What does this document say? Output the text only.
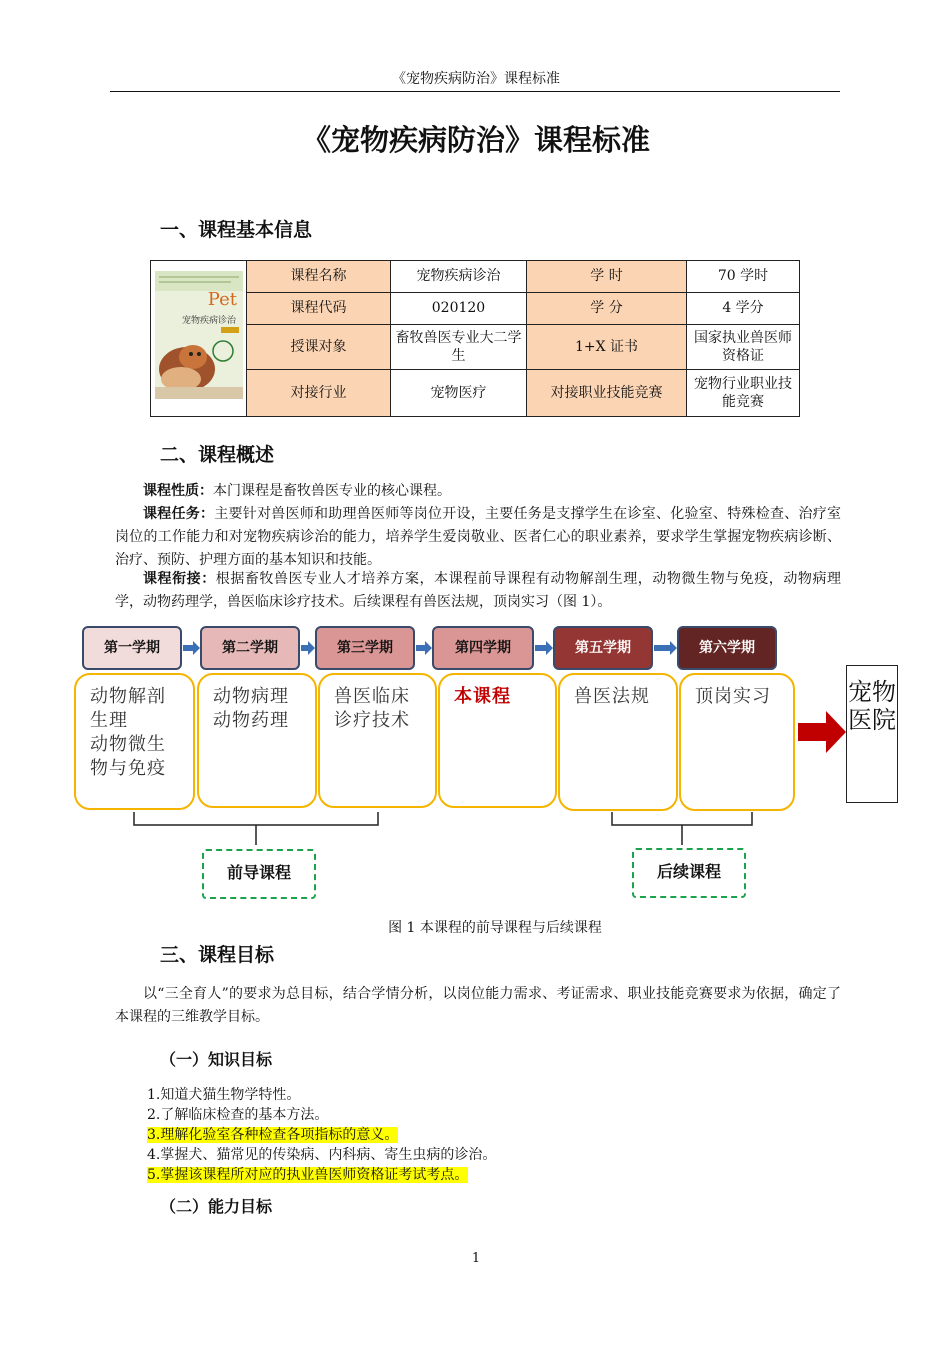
《宠物疾病防治》课程标准
《宠物疾病防治》课程标准
一、课程基本信息
Pet
宠物疾病诊治	课程名称	宠物疾病诊治	学 时	70 学时
	课程代码	020120	学 分	4 学分
	授课对象	畜牧兽医专业大二学生	1+X 证书	国家执业兽医师资格证
	对接行业	宠物医疗	对接职业技能竞赛	宠物行业职业技能竞赛
二、课程概述
课程性质：本门课程是畜牧兽医专业的核心课程。
课程任务：主要针对兽医师和助理兽医师等岗位开设，主要任务是支撑学生在诊室、化验室、特殊检查、治疗室岗位的工作能力和对宠物疾病诊治的能力，培养学生爱岗敬业、医者仁心的职业素养，要求学生掌握宠物疾病诊断、治疗、预防、护理方面的基本知识和技能。
课程衔接：根据畜牧兽医专业人才培养方案，本课程前导课程有动物解剖生理，动物微生物与免疫，动物病理学，动物药理学，兽医临床诊疗技术。后续课程有兽医法规，顶岗实习（图 1）。
第一学期	第二学期	第三学期	第四学期	第五学期	第六学期
动物解剖生理
动物微生物与免疫
动物病理
动物药理
兽医临床诊疗技术
本课程	兽医法规	顶岗实习	宠物医院
前导课程	后续课程
图 1 本课程的前导课程与后续课程
三、课程目标
以“三全育人”的要求为总目标，结合学情分析，以岗位能力需求、考证需求、职业技能竞赛要求为依据，确定了本课程的三维教学目标。
（一）知识目标
1.知道犬猫生物学特性。
2.了解临床检查的基本方法。
3.理解化验室各种检查各项指标的意义。
4.掌握犬、猫常见的传染病、内科病、寄生虫病的诊治。
5.掌握该课程所对应的执业兽医师资格证考试考点。
（二）能力目标
1
